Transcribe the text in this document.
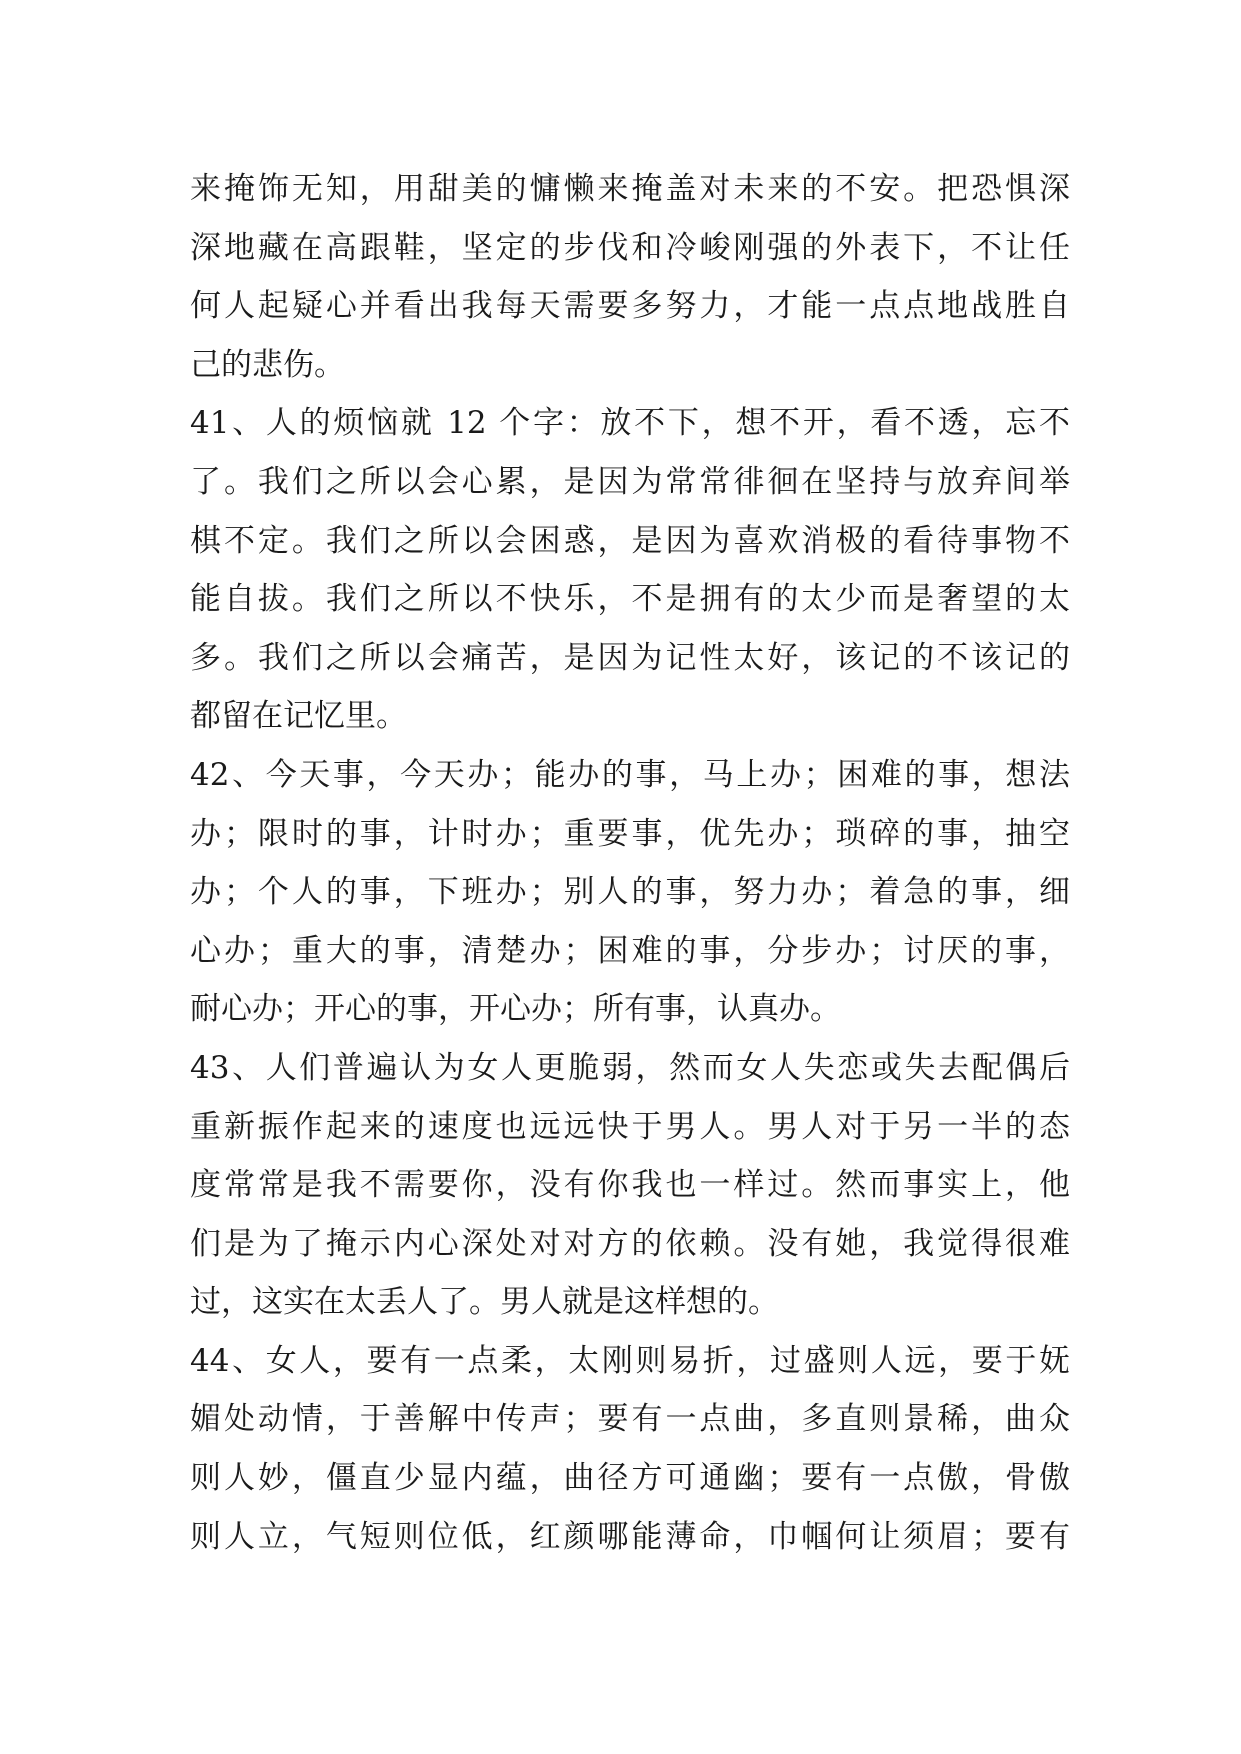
来掩饰无知，用甜美的慵懒来掩盖对未来的不安。把恐惧深
深地藏在高跟鞋，坚定的步伐和冷峻刚强的外表下，不让任
何人起疑心并看出我每天需要多努力，才能一点点地战胜自
己的悲伤。
41、人的烦恼就 12 个字：放不下，想不开，看不透，忘不
了。我们之所以会心累，是因为常常徘徊在坚持与放弃间举
棋不定。我们之所以会困惑，是因为喜欢消极的看待事物不
能自拔。我们之所以不快乐，不是拥有的太少而是奢望的太
多。我们之所以会痛苦，是因为记性太好，该记的不该记的
都留在记忆里。
42、今天事，今天办；能办的事，马上办；困难的事，想法
办；限时的事，计时办；重要事，优先办；琐碎的事，抽空
办；个人的事，下班办；别人的事，努力办；着急的事，细
心办；重大的事，清楚办；困难的事，分步办；讨厌的事，
耐心办；开心的事，开心办；所有事，认真办。
43、人们普遍认为女人更脆弱，然而女人失恋或失去配偶后
重新振作起来的速度也远远快于男人。男人对于另一半的态
度常常是我不需要你，没有你我也一样过。然而事实上，他
们是为了掩示内心深处对对方的依赖。没有她，我觉得很难
过，这实在太丢人了。男人就是这样想的。
44、女人，要有一点柔，太刚则易折，过盛则人远，要于妩
媚处动情，于善解中传声；要有一点曲，多直则景稀，曲众
则人妙，僵直少显内蕴，曲径方可通幽；要有一点傲，骨傲
则人立，气短则位低，红颜哪能薄命，巾帼何让须眉；要有
